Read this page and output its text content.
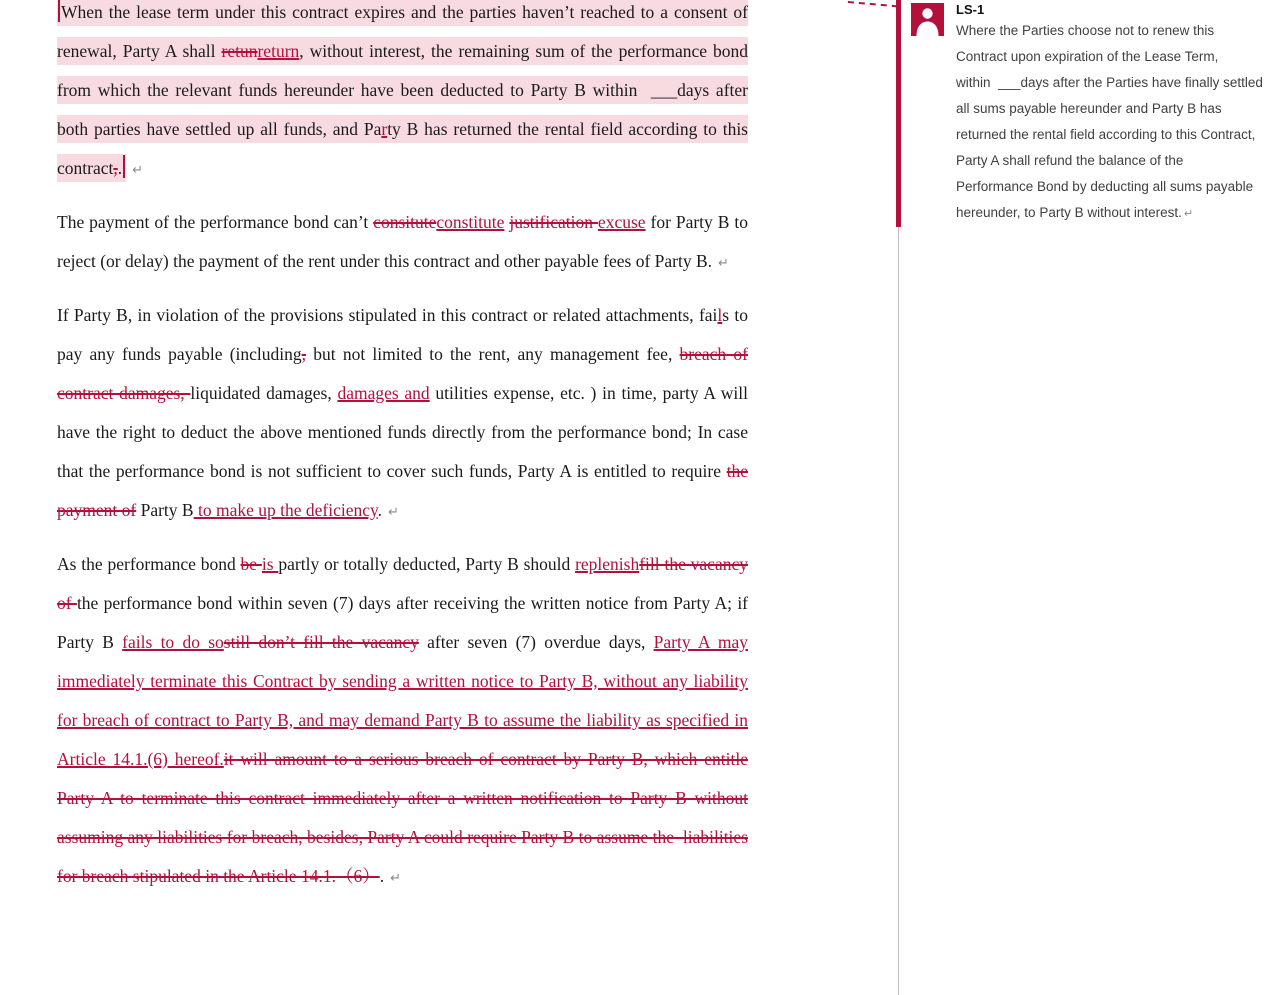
When the lease term under this contract expires and the parties haven’t reached to a consent of renewal, Party A shall retunreturn, without interest, the remaining sum of the performance bond from which the relevant funds hereunder have been deducted to Party B within  ___days after both parties have settled up all funds, and Party B has returned the rental field according to this contract,. ↵

The payment of the performance bond can’t consituteconstitute justification excuse for Party B to reject (or delay) the payment of the rent under this contract and other payable fees of Party B. ↵

If Party B, in violation of the provisions stipulated in this contract or related attachments, fails to pay any funds payable (including, but not limited to the rent, any management fee, breach of contract damages, liquidated damages, damages and utilities expense, etc. ) in time, party A will have the right to deduct the above mentioned funds directly from the performance bond; In case that the performance bond is not sufficient to cover such funds, Party A is entitled to require the payment of Party B to make up the deficiency. ↵

As the performance bond be is partly or totally deducted, Party B should replenishfill the vacancy of the performance bond within seven (7) days after receiving the written notice from Party A; if Party B fails to do sostill don’t fill the vacancy after seven (7) overdue days, Party A may immediately terminate this Contract by sending a written notice to Party B, without any liability for breach of contract to Party B, and may demand Party B to assume the liability as specified in Article 14.1.(6) hereof.it will amount to a serious breach of contract by Party B, which entitle Party A to terminate this contract immediately after a written notification to Party B without assuming any liabilities for breach, besides, Party A could require Party B to assume the  liabilities for breach stipulated in the Article 14.1.（6）. ↵

LS-1
Where the Parties choose not to renew this
Contract upon expiration of the Lease Term,
within  ___days after the Parties have finally settled
all sums payable hereunder and Party B has
returned the rental field according to this Contract,
Party A shall refund the balance of the
Performance Bond by deducting all sums payable
hereunder, to Party B without interest. ↵
